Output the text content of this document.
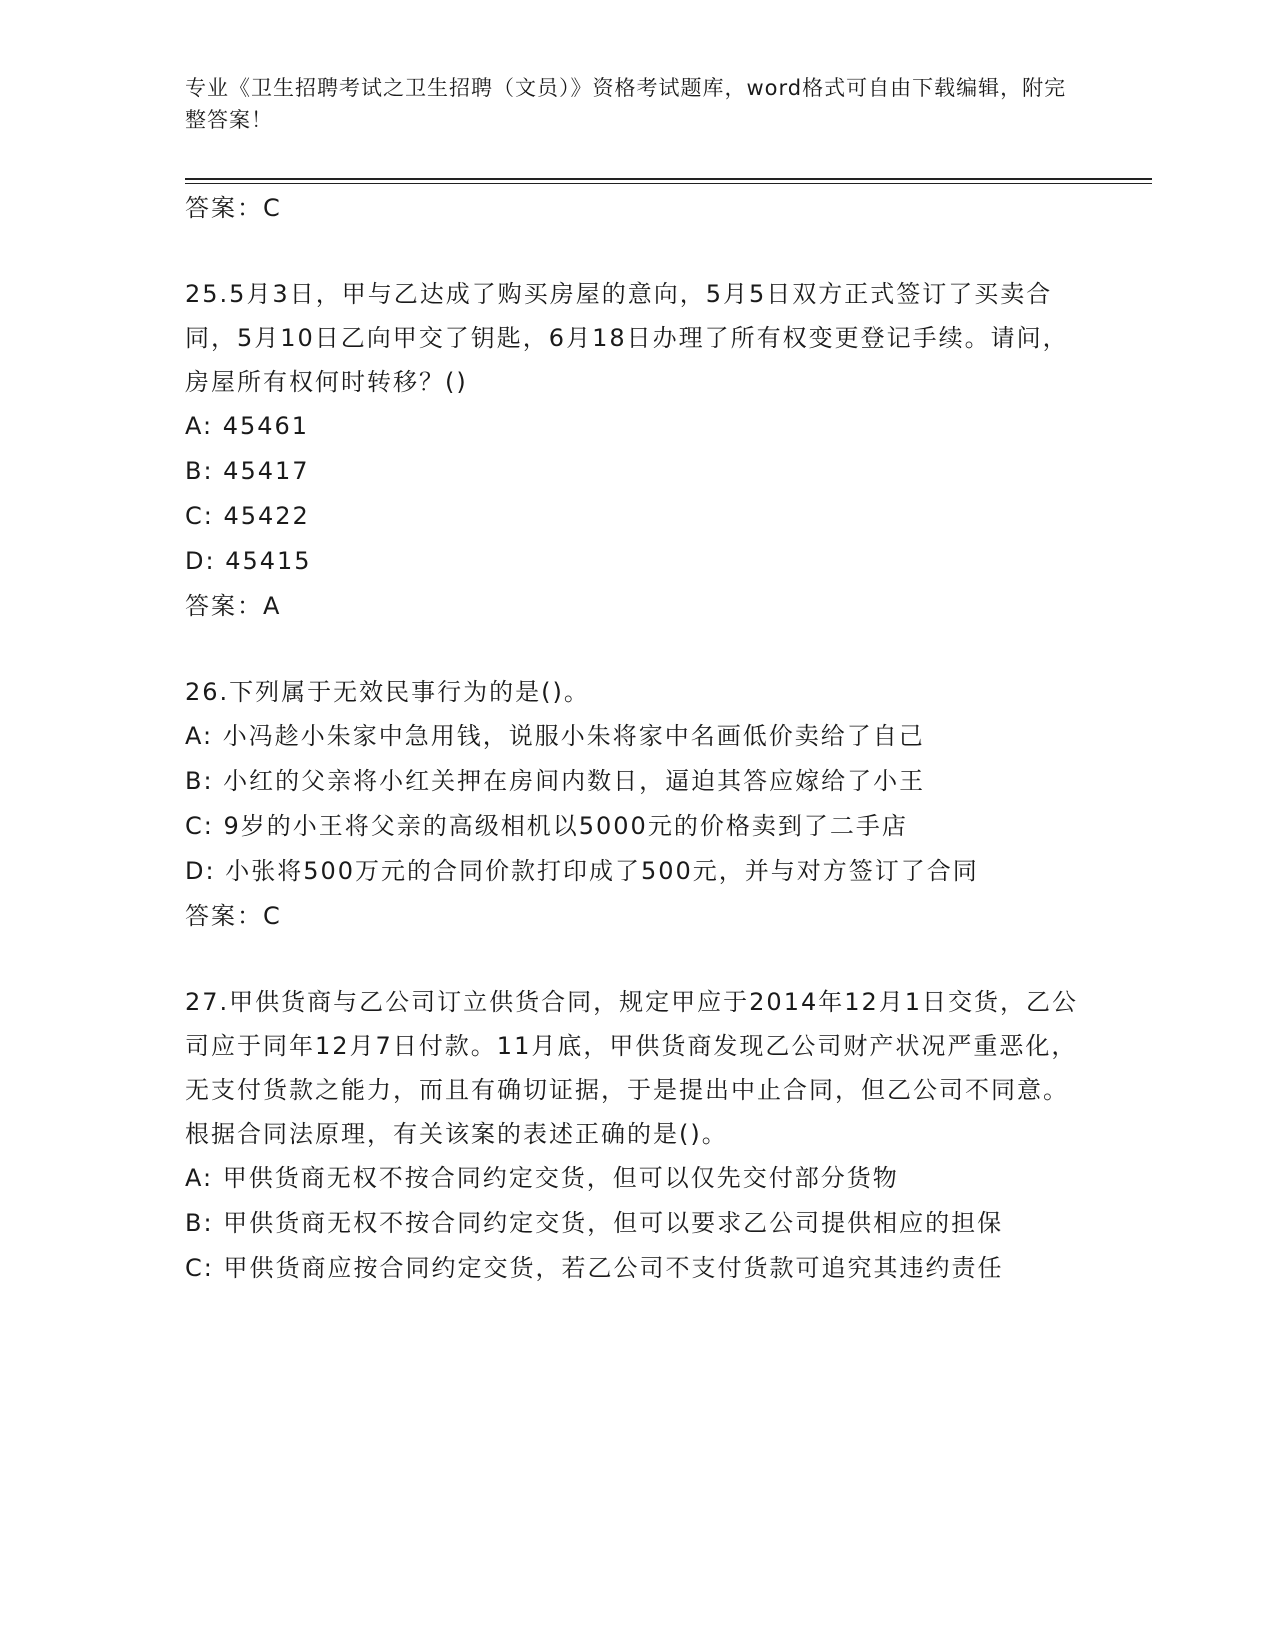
专业《卫生招聘考试之卫生招聘（文员）》资格考试题库，word格式可自由下载编辑，附完整答案！
答案：C
25.5月3日，甲与乙达成了购买房屋的意向，5月5日双方正式签订了买卖合同，5月10日乙向甲交了钥匙，6月18日办理了所有权变更登记手续。请问，房屋所有权何时转移？()
A: 45461
B: 45417
C: 45422
D: 45415
答案：A
26.下列属于无效民事行为的是()。
A: 小冯趁小朱家中急用钱，说服小朱将家中名画低价卖给了自己
B: 小红的父亲将小红关押在房间内数日，逼迫其答应嫁给了小王
C: 9岁的小王将父亲的高级相机以5000元的价格卖到了二手店
D: 小张将500万元的合同价款打印成了500元，并与对方签订了合同
答案：C
27.甲供货商与乙公司订立供货合同，规定甲应于2014年12月1日交货，乙公司应于同年12月7日付款。11月底，甲供货商发现乙公司财产状况严重恶化，无支付货款之能力，而且有确切证据，于是提出中止合同，但乙公司不同意。根据合同法原理，有关该案的表述正确的是()。
A: 甲供货商无权不按合同约定交货，但可以仅先交付部分货物
B: 甲供货商无权不按合同约定交货，但可以要求乙公司提供相应的担保
C: 甲供货商应按合同约定交货，若乙公司不支付货款可追究其违约责任
